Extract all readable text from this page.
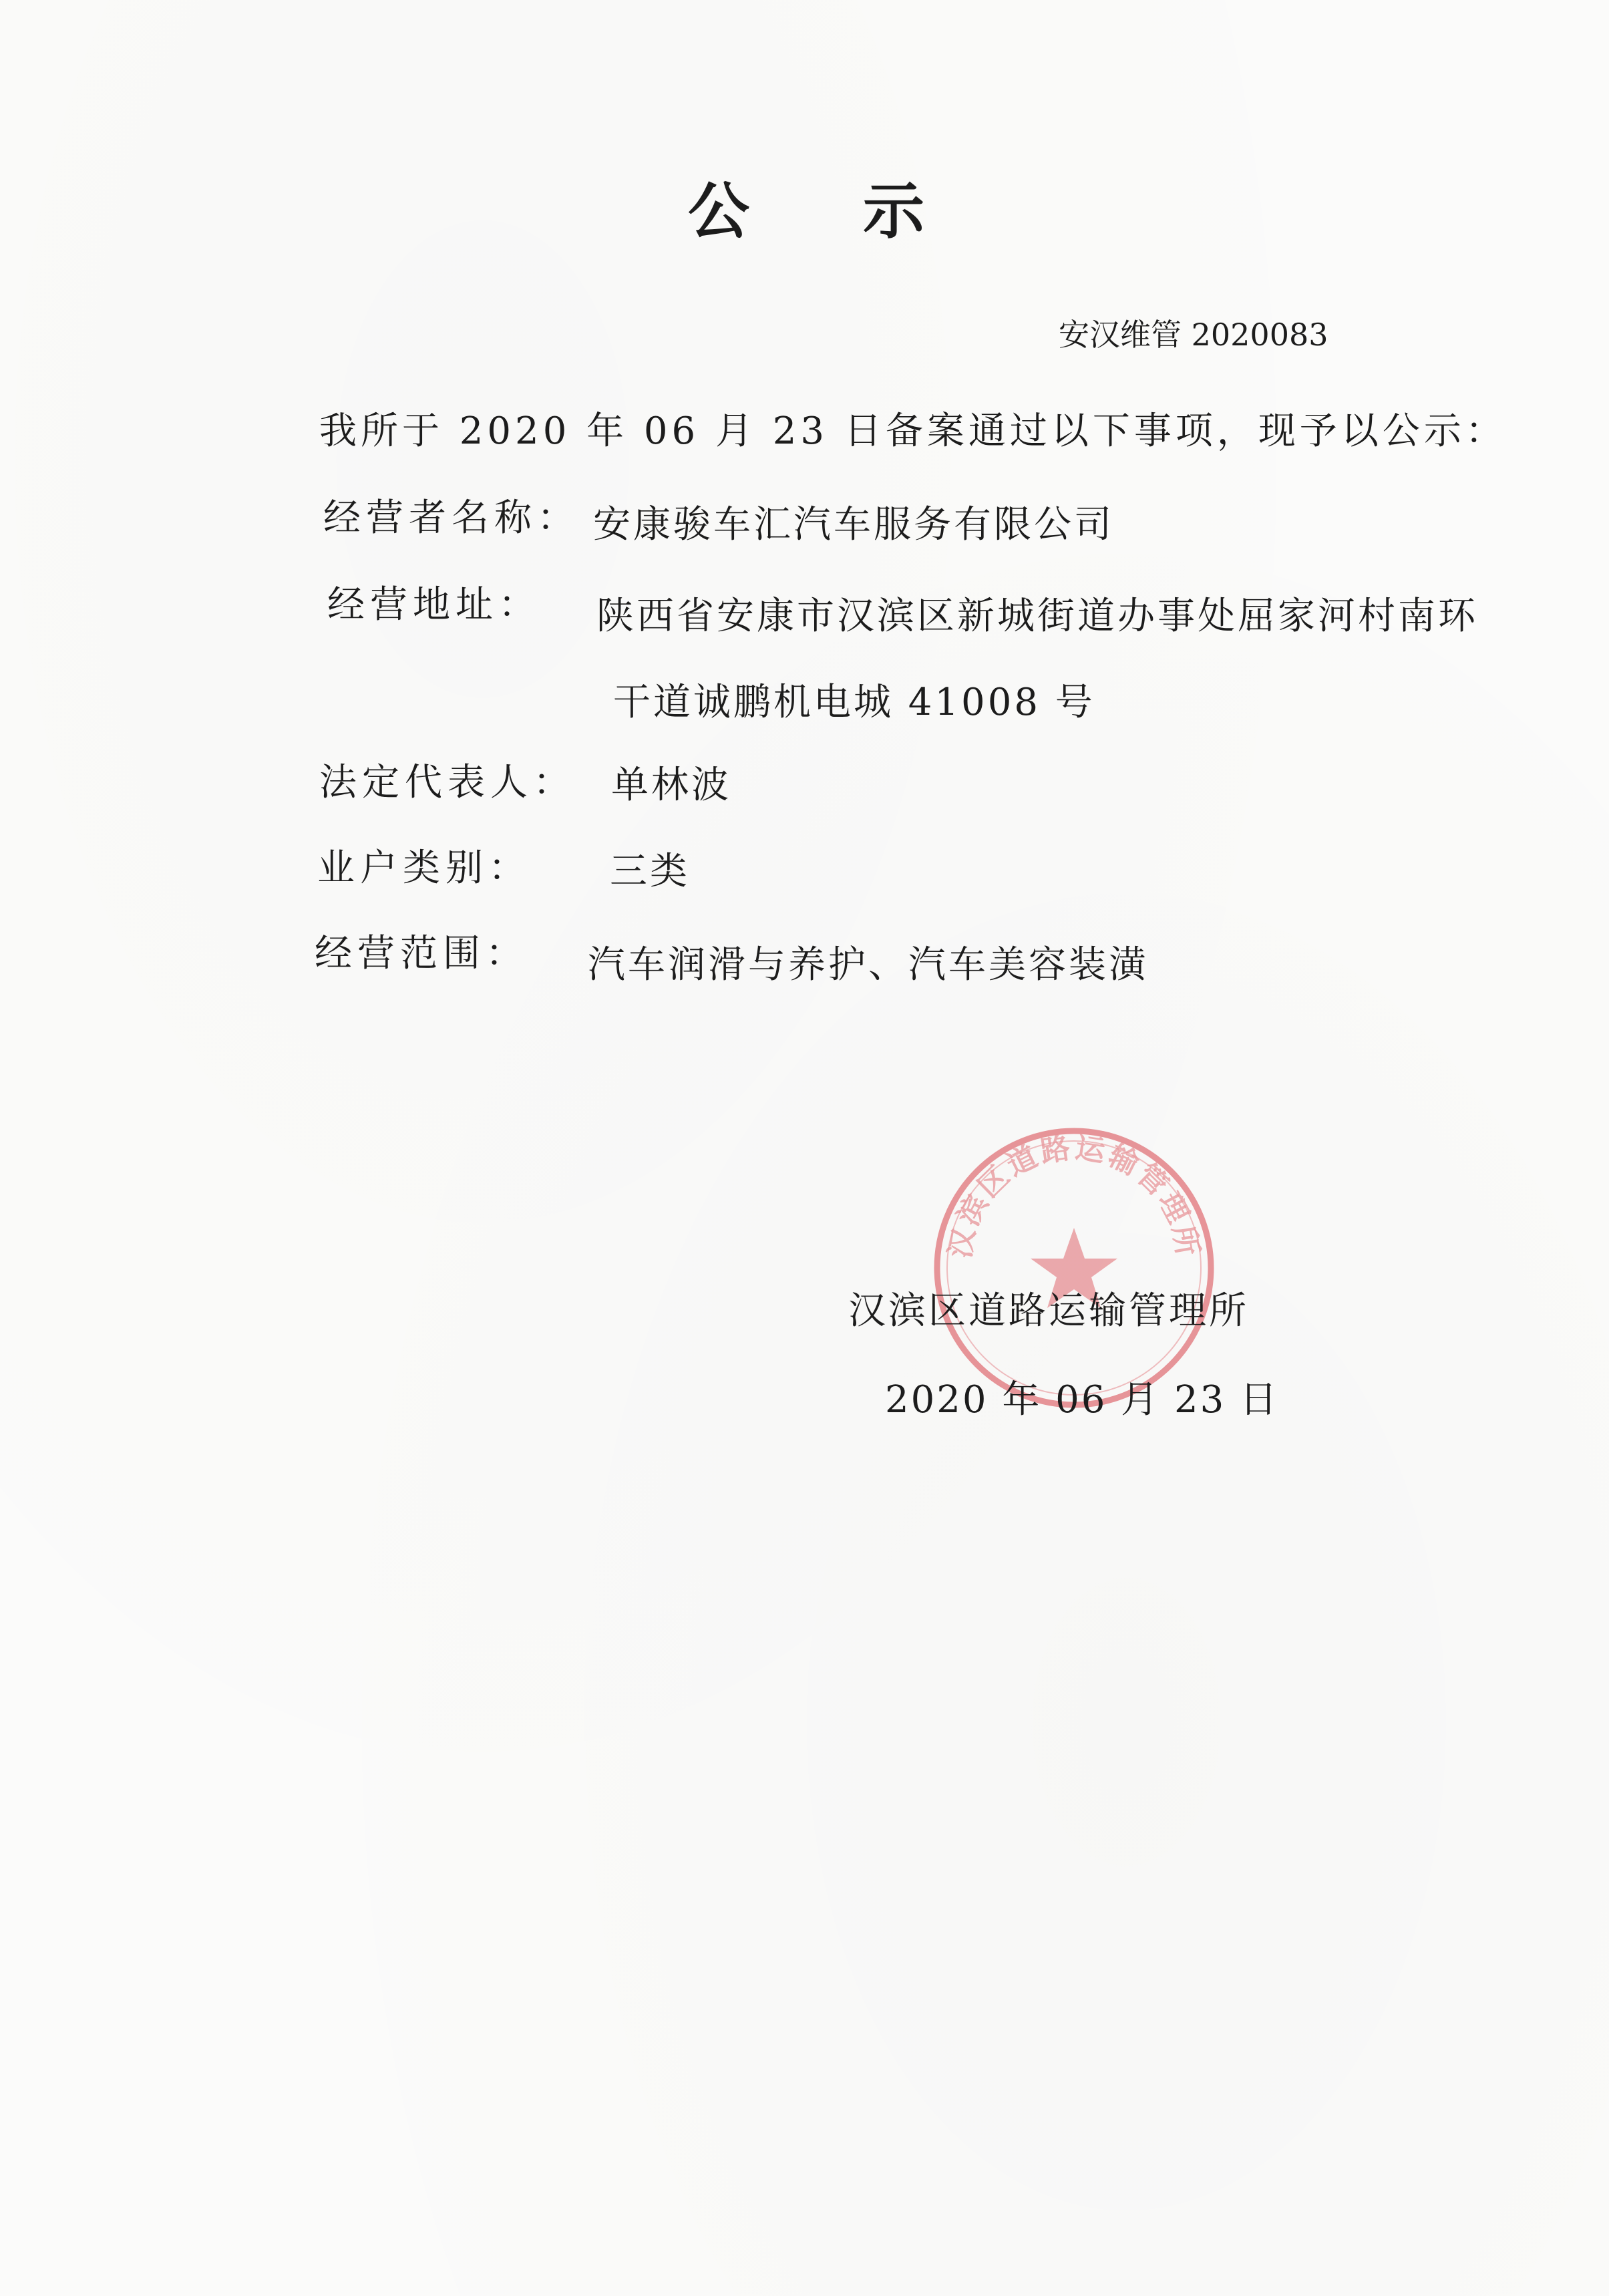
公示
安汉维管 2020083
我所于 2020 年 06 月 23 日备案通过以下事项，现予以公示：
经营者名称： 安康骏车汇汽车服务有限公司
经营地址： 陕西省安康市汉滨区新城街道办事处屈家河村南环
干道诚鹏机电城 41008 号
法定代表人： 单林波
业户类别： 三类
经营范围： 汽车润滑与养护、汽车美容装潢
汉滨区道路运输管理所
汉滨区道路运输管理所
2020 年 06 月 23 日
